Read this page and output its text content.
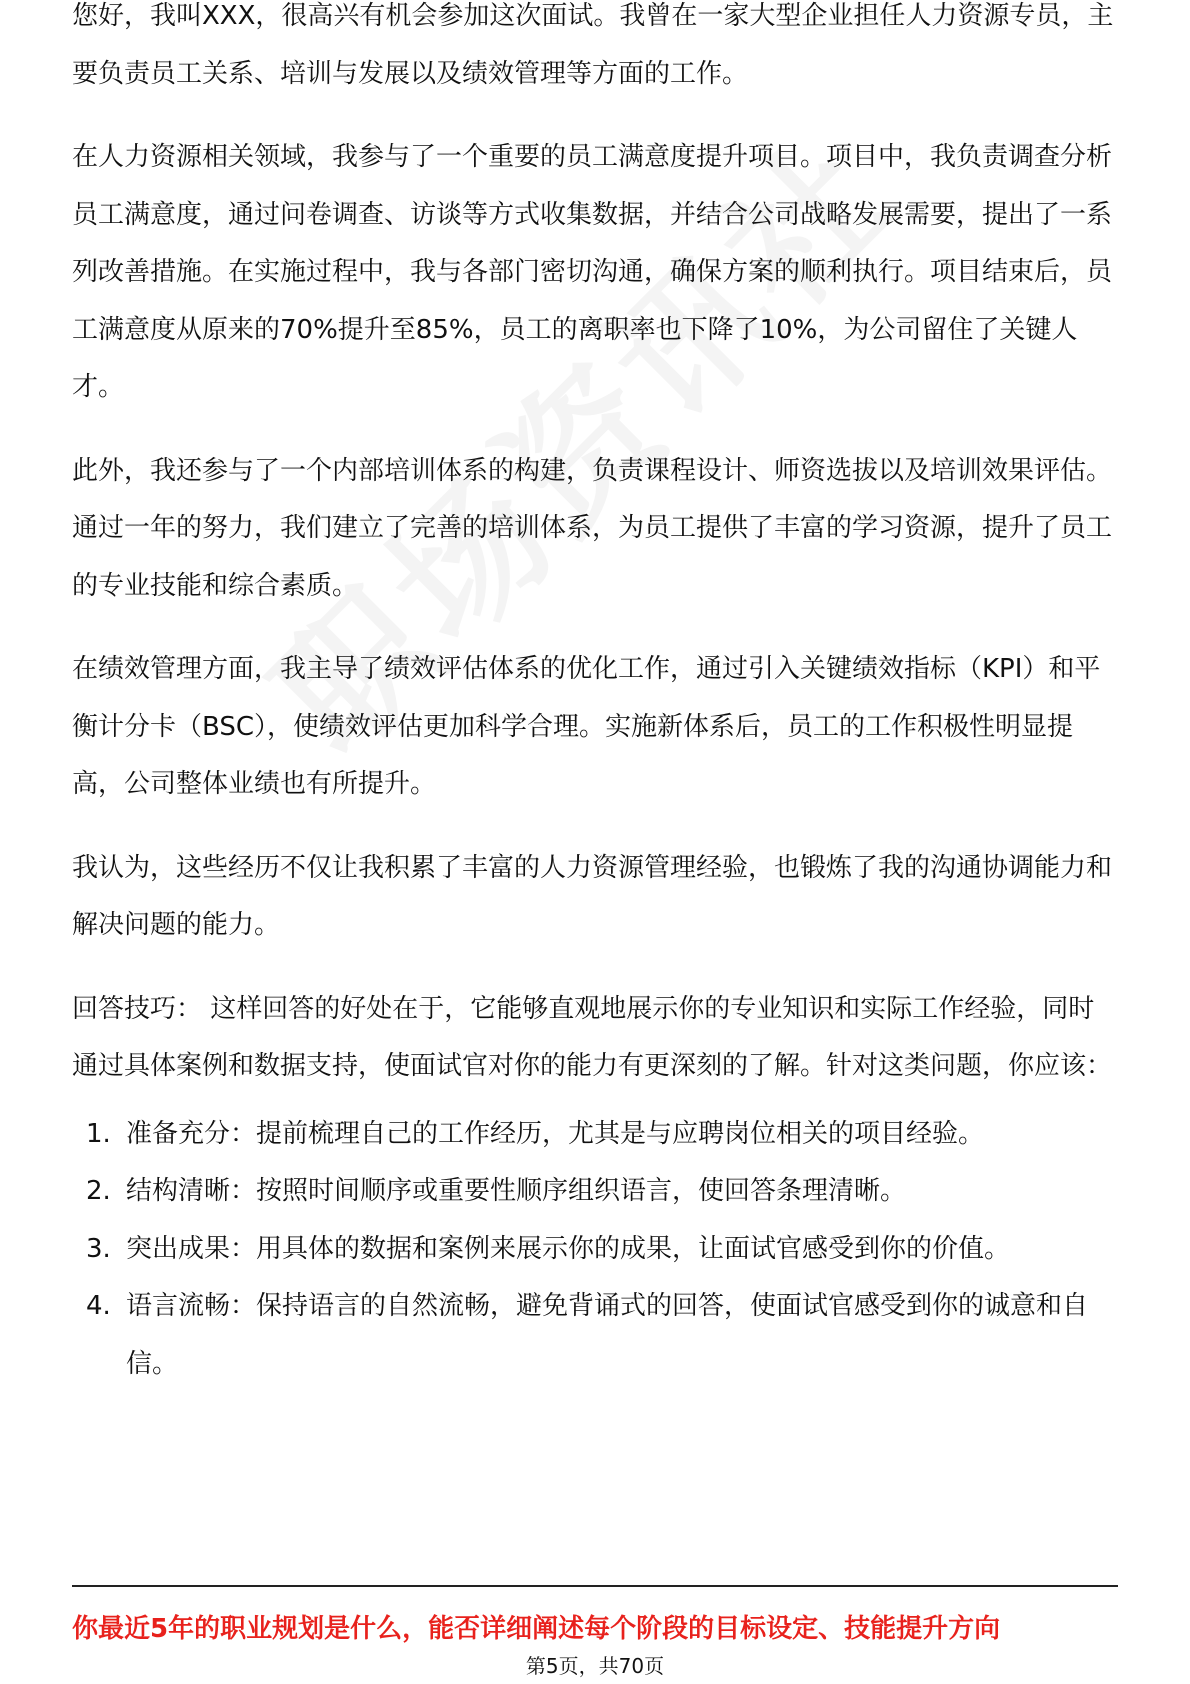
您好，我叫XXX，很高兴有机会参加这次面试。我曾在一家大型企业担任人力资源专员，主要负责员工关系、培训与发展以及绩效管理等方面的工作。

在人力资源相关领域，我参与了一个重要的员工满意度提升项目。项目中，我负责调查分析员工满意度，通过问卷调查、访谈等方式收集数据，并结合公司战略发展需要，提出了一系列改善措施。在实施过程中，我与各部门密切沟通，确保方案的顺利执行。项目结束后，员工满意度从原来的70%提升至85%，员工的离职率也下降了10%，为公司留住了关键人才。

此外，我还参与了一个内部培训体系的构建，负责课程设计、师资选拔以及培训效果评估。通过一年的努力，我们建立了完善的培训体系，为员工提供了丰富的学习资源，提升了员工的专业技能和综合素质。

在绩效管理方面，我主导了绩效评估体系的优化工作，通过引入关键绩效指标（KPI）和平衡计分卡（BSC），使绩效评估更加科学合理。实施新体系后，员工的工作积极性明显提高，公司整体业绩也有所提升。

我认为，这些经历不仅让我积累了丰富的人力资源管理经验，也锻炼了我的沟通协调能力和解决问题的能力。

回答技巧： 这样回答的好处在于，它能够直观地展示你的专业知识和实际工作经验，同时通过具体案例和数据支持，使面试官对你的能力有更深刻的了解。针对这类问题，你应该：

1. 准备充分：提前梳理自己的工作经历，尤其是与应聘岗位相关的项目经验。
2. 结构清晰：按照时间顺序或重要性顺序组织语言，使回答条理清晰。
3. 突出成果：用具体的数据和案例来展示你的成果，让面试官感受到你的价值。
4. 语言流畅：保持语言的自然流畅，避免背诵式的回答，使面试官感受到你的诚意和自信。
你最近5年的职业规划是什么，能否详细阐述每个阶段的目标设定、技能提升方向
第5页，共70页
